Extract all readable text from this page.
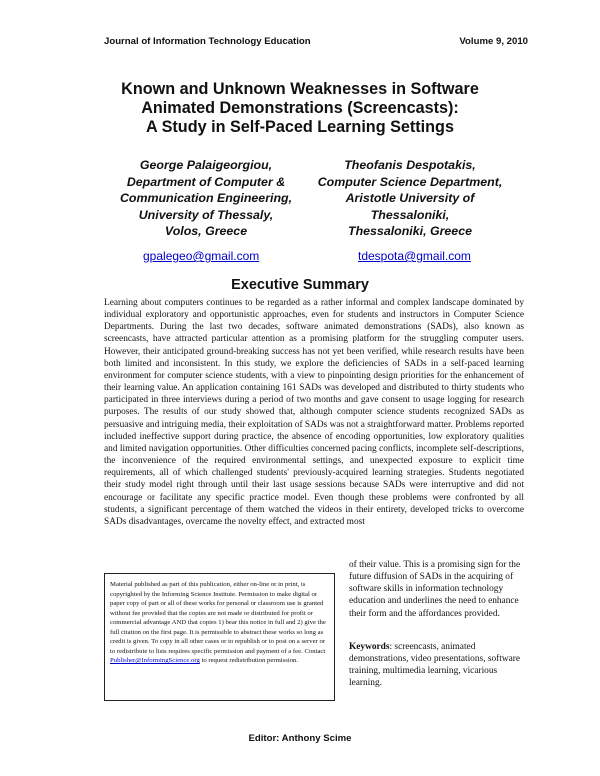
Journal of Information Technology Education	Volume 9, 2010
Known and Unknown Weaknesses in Software
Animated Demonstrations (Screencasts):
A Study in Self-Paced Learning Settings
George Palaigeorgiou,
Department of Computer &
Communication Engineering,
University of Thessaly,
Volos, Greece
Theofanis Despotakis,
Computer Science Department,
Aristotle University of
Thessaloniki,
Thessaloniki, Greece
gpalegeo@gmail.com	tdespota@gmail.com
Executive Summary
Learning about computers continues to be regarded as a rather informal and complex landscape dominated by individual exploratory and opportunistic approaches, even for students and instructors in Computer Science Departments. During the last two decades, software animated demonstrations (SADs), also known as screencasts, have attracted particular attention as a promising platform for the struggling computer users. However, their anticipated ground-breaking success has not yet been verified, while research results have been both limited and inconsistent. In this study, we explore the deficiencies of SADs in a self-paced learning environment for computer science students, with a view to pinpointing design priorities for the enhancement of their learning value. An application containing 161 SADs was developed and distributed to thirty students who participated in three interviews during a period of two months and gave consent to usage logging for research purposes. The results of our study showed that, although computer science students recognized SADs as persuasive and intriguing media, their exploitation of SADs was not a straightforward matter. Problems reported included ineffective support during practice, the absence of encoding opportunities, low exploratory qualities and limited navigation opportunities. Other difficulties concerned pacing conflicts, incomplete self-descriptions, the inconvenience of the required environmental settings, and unexpected exposure to explicit time requirements, all of which challenged students' previously-acquired learning strategies. Students negotiated their study model right through until their last usage sessions because SADs were interruptive and did not encourage or facilitate any specific practice model. Even though these problems were confronted by all students, a significant percentage of them watched the videos in their entirety, developed tricks to overcome SADs disadvantages, overcame the novelty effect, and extracted most
of their value. This is a promising sign for the future diffusion of SADs in the acquiring of software skills in information technology education and underlines the need to enhance their form and the affordances provided.
Keywords: screencasts, animated demonstrations, video presentations, software training, multimedia learning, vicarious learning.
Material published as part of this publication, either on-line or in print, is copyrighted by the Informing Science Institute. Permission to make digital or paper copy of part or all of these works for personal or classroom use is granted without fee provided that the copies are not made or distributed for profit or commercial advantage AND that copies 1) bear this notice in full and 2) give the full citation on the first page. It is permissible to abstract these works so long as credit is given. To copy in all other cases or to republish or to post on a server or to redistribute to lists requires specific permission and payment of a fee. Contact Publisher@InformingScience.org to request redistribution permission.
Editor: Anthony Scime
